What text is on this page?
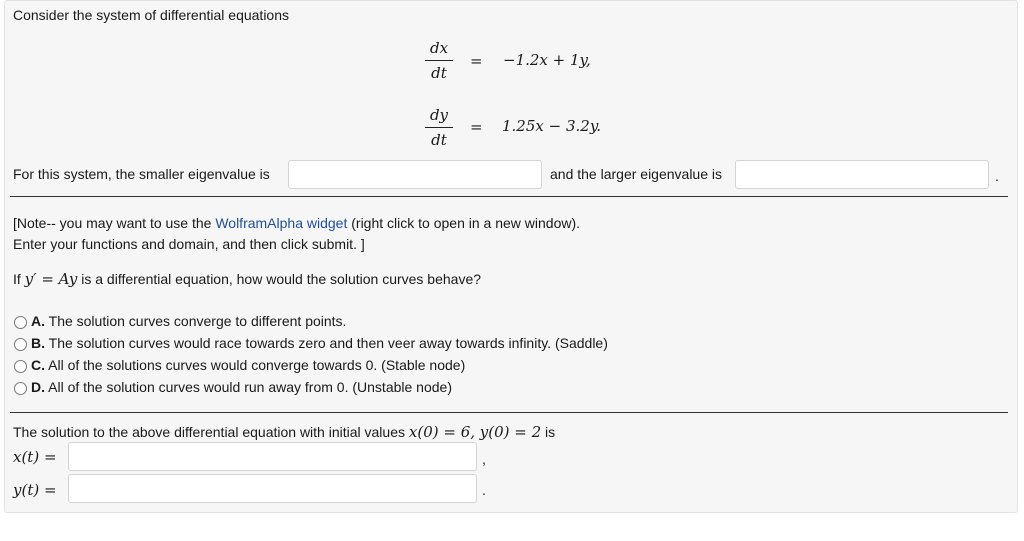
Consider the system of differential equations
dx
dt
= −1.2x + 1y,
dy
dt
= 1.25x − 3.2y.
For this system, the smaller eigenvalue is	and the larger eigenvalue is	.
[Note-- you may want to use the WolframAlpha widget (right click to open in a new window).
Enter your functions and domain, and then click submit. ]
If y′ = Ay is a differential equation, how would the solution curves behave?
A. The solution curves converge to different points.
B. The solution curves would race towards zero and then veer away towards infinity. (Saddle)
C. All of the solutions curves would converge towards 0. (Stable node)
D. All of the solution curves would run away from 0. (Unstable node)
The solution to the above differential equation with initial values x(0) = 6, y(0) = 2 is
x(t) =	,
y(t) =	.
